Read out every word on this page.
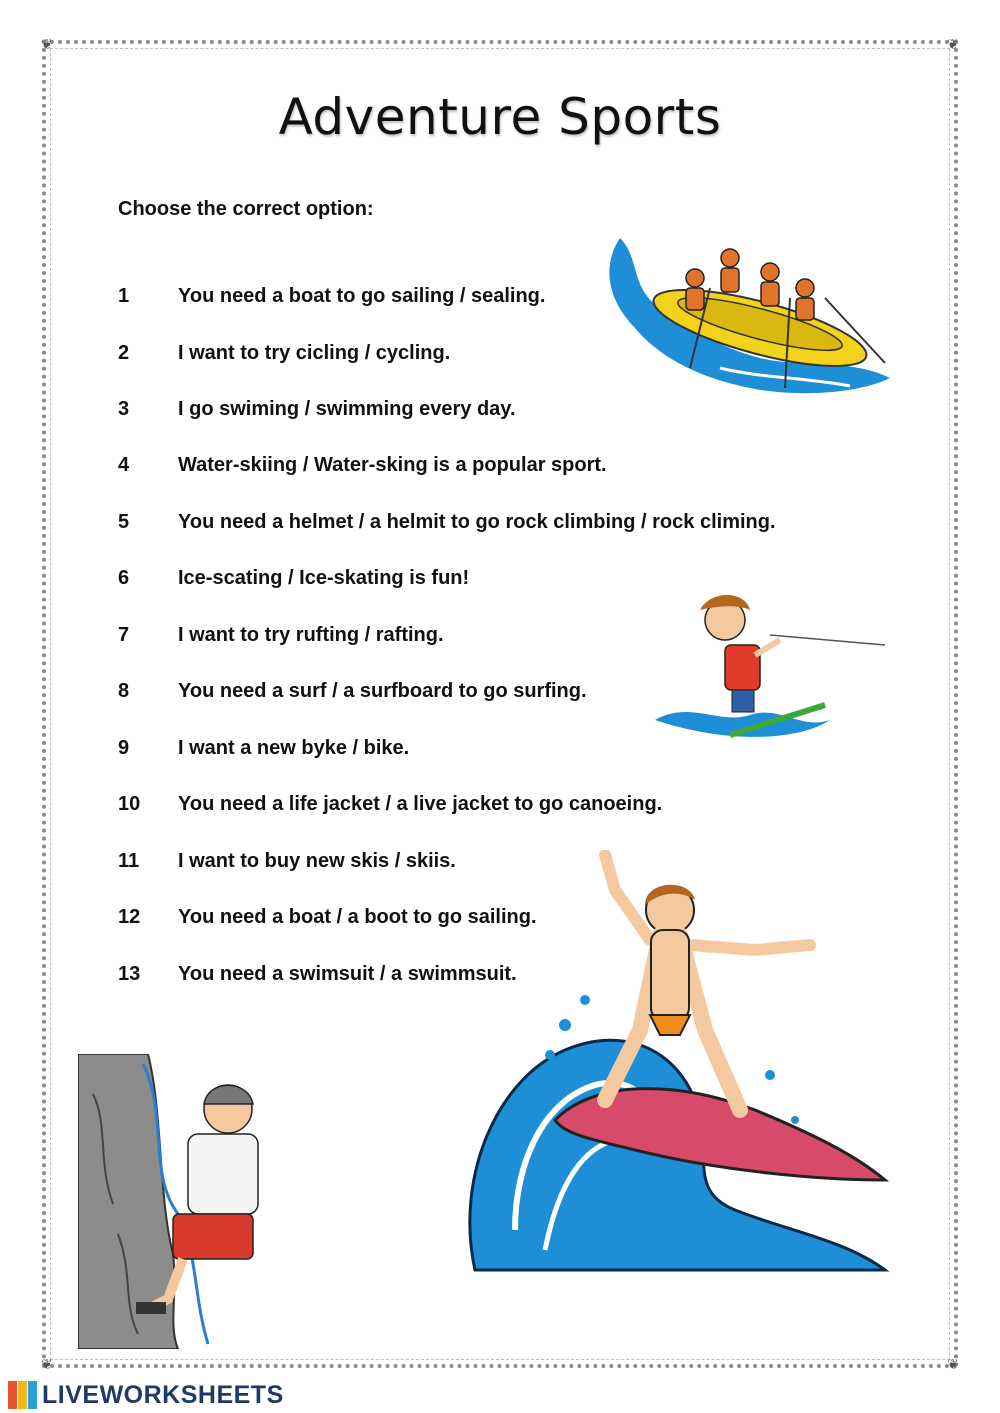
❦	❦
❦	❦
Adventure Sports
Choose the correct option:
1 You need a boat to go sailing / sealing.
2 I want to try cicling / cycling.
3 I go swiming / swimming every day.
4 Water-skiing / Water-sking is a popular sport.
5 You need a helmet / a helmit to go rock climbing / rock climing.
6 Ice-scating / Ice-skating is fun!
7 I want to try rufting / rafting.
8 You need a surf / a surfboard to go surfing.
9 I want a new byke / bike.
10 You need a life jacket / a live jacket to go canoeing.
11 I want to buy new skis / skiis.
12 You need a boat / a boot to go sailing.
13 You need a swimsuit / a swimmsuit.
LIVEWORKSHEETS
